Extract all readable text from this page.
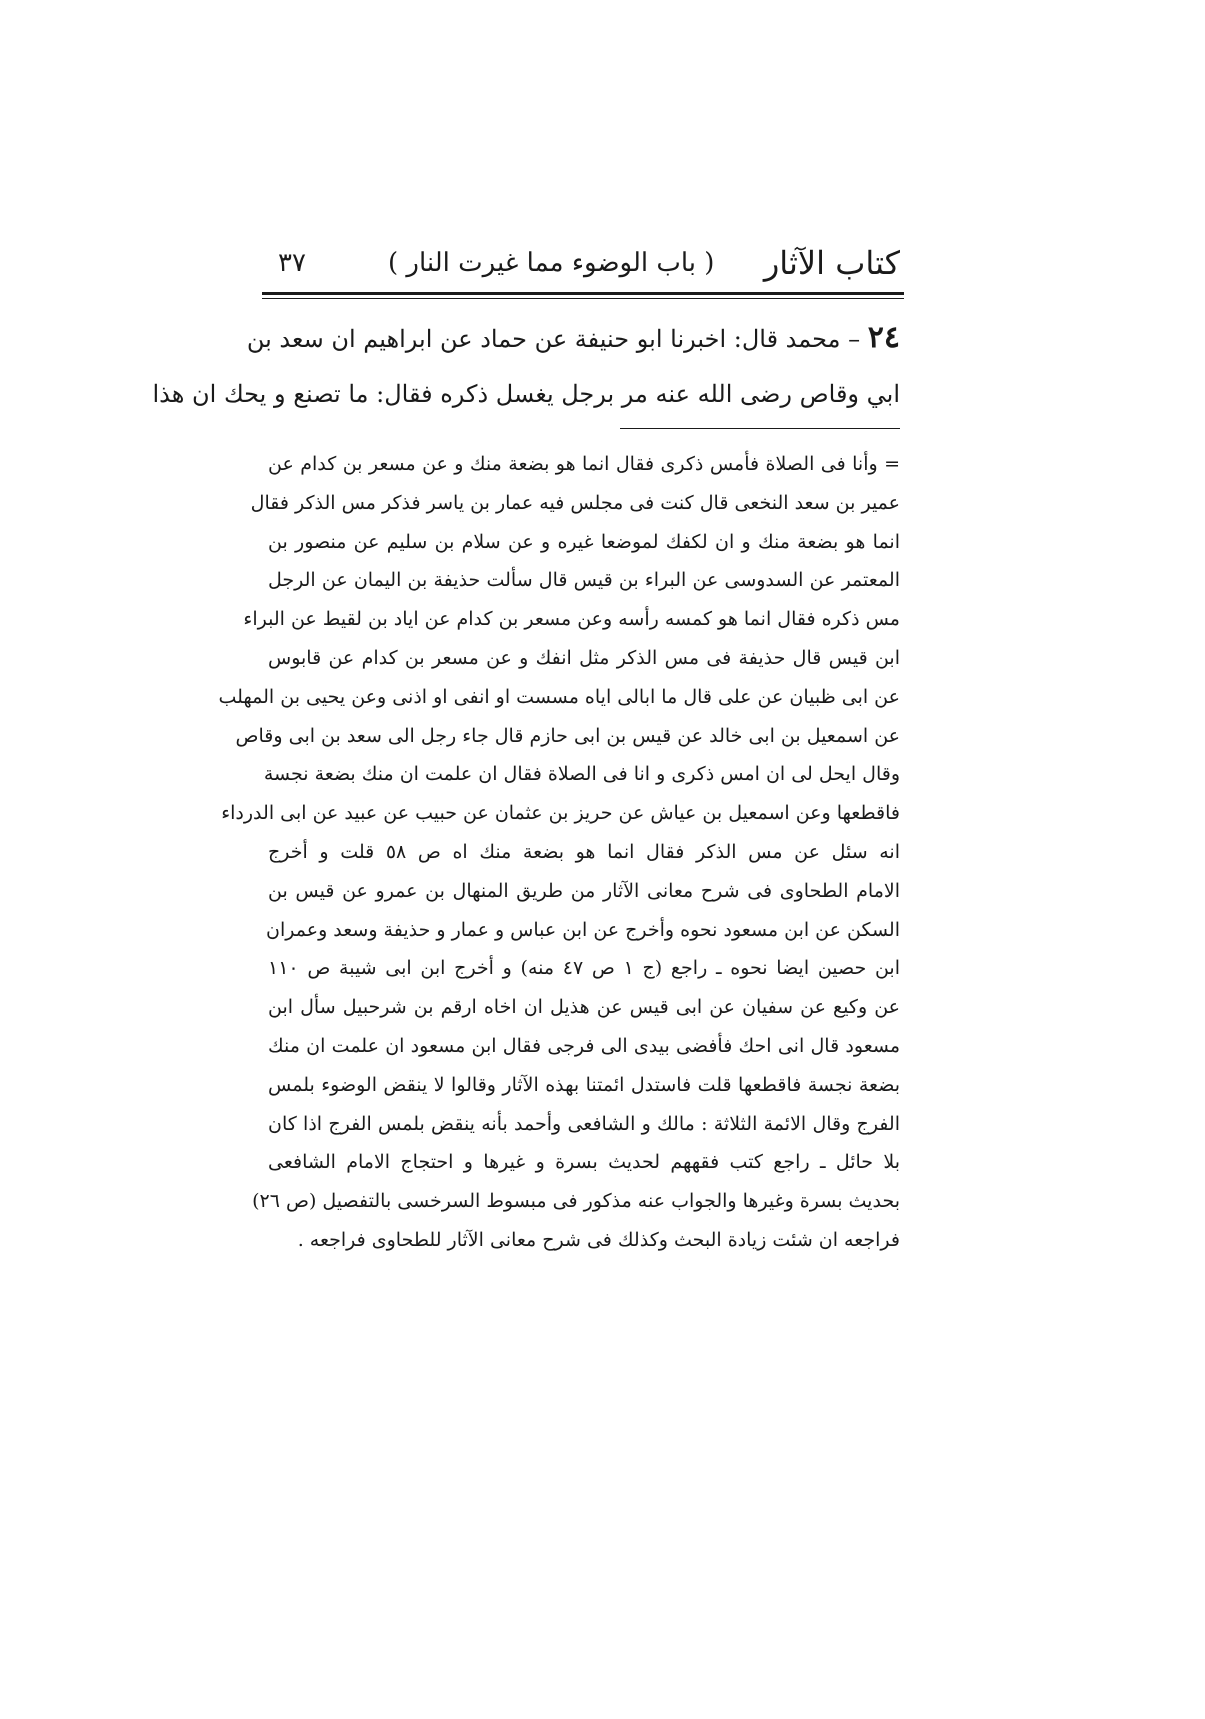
كتاب الآثار
( باب الوضوء مما غيرت النار )
٣٧
٢٤ – محمد قال: اخبرنا ابو حنيفة عن حماد عن ابراهيم ان سعد بن
ابي وقاص رضى الله عنه مر برجل يغسل ذكره فقال: ما تصنع و يحك ان هذا
= وأنا فى الصلاة فأمس ذكرى فقال انما هو بضعة منك و عن مسعر بن كدام عن
عمير بن سعد النخعى قال كنت فى مجلس فيه عمار بن ياسر فذكر مس الذكر فقال
انما هو بضعة منك و ان لكفك لموضعا غيره و عن سلام بن سليم عن منصور بن
المعتمر عن السدوسى عن البراء بن قيس قال سألت حذيفة بن اليمان عن الرجل
مس ذكره فقال انما هو كمسه رأسه وعن مسعر بن كدام عن اياد بن لقيط عن البراء
ابن قيس قال حذيفة فى مس الذكر مثل انفك و عن مسعر بن كدام عن قابوس
عن ابى ظبيان عن على قال ما ابالى اياه مسست او انفى او اذنى وعن يحيى بن المهلب
عن اسمعيل بن ابى خالد عن قيس بن ابى حازم قال جاء رجل الى سعد بن ابى وقاص
وقال ايحل لى ان امس ذكرى و انا فى الصلاة فقال ان علمت ان منك بضعة نجسة
فاقطعها وعن اسمعيل بن عياش عن حريز بن عثمان عن حبيب عن عبيد عن ابى الدرداء
انه سئل عن مس الذكر فقال انما هو بضعة منك اه ص ٥٨ قلت و أخرج
الامام الطحاوى فى شرح معانى الآثار من طريق المنهال بن عمرو عن قيس بن
السكن عن ابن مسعود نحوه وأخرج عن ابن عباس و عمار و حذيفة وسعد وعمران
ابن حصين ايضا نحوه ـ راجع (ج ١ ص ٤٧ منه) و أخرج ابن ابى شيبة ص ١١٠
عن وكيع عن سفيان عن ابى قيس عن هذيل ان اخاه ارقم بن شرحبيل سأل ابن
مسعود قال انى احك فأفضى بيدى الى فرجى فقال ابن مسعود ان علمت ان منك
بضعة نجسة فاقطعها قلت فاستدل ائمتنا بهذه الآثار وقالوا لا ينقض الوضوء بلمس
الفرج وقال الائمة الثلاثة : مالك و الشافعى وأحمد بأنه ينقض بلمس الفرج اذا كان
بلا حائل ـ راجع كتب فقههم لحديث بسرة و غيرها و احتجاج الامام الشافعى
بحديث بسرة وغيرها والجواب عنه مذكور فى مبسوط السرخسى بالتفصيل (ص ٢٦)
فراجعه ان شئت زيادة البحث وكذلك فى شرح معانى الآثار للطحاوى فراجعه .
